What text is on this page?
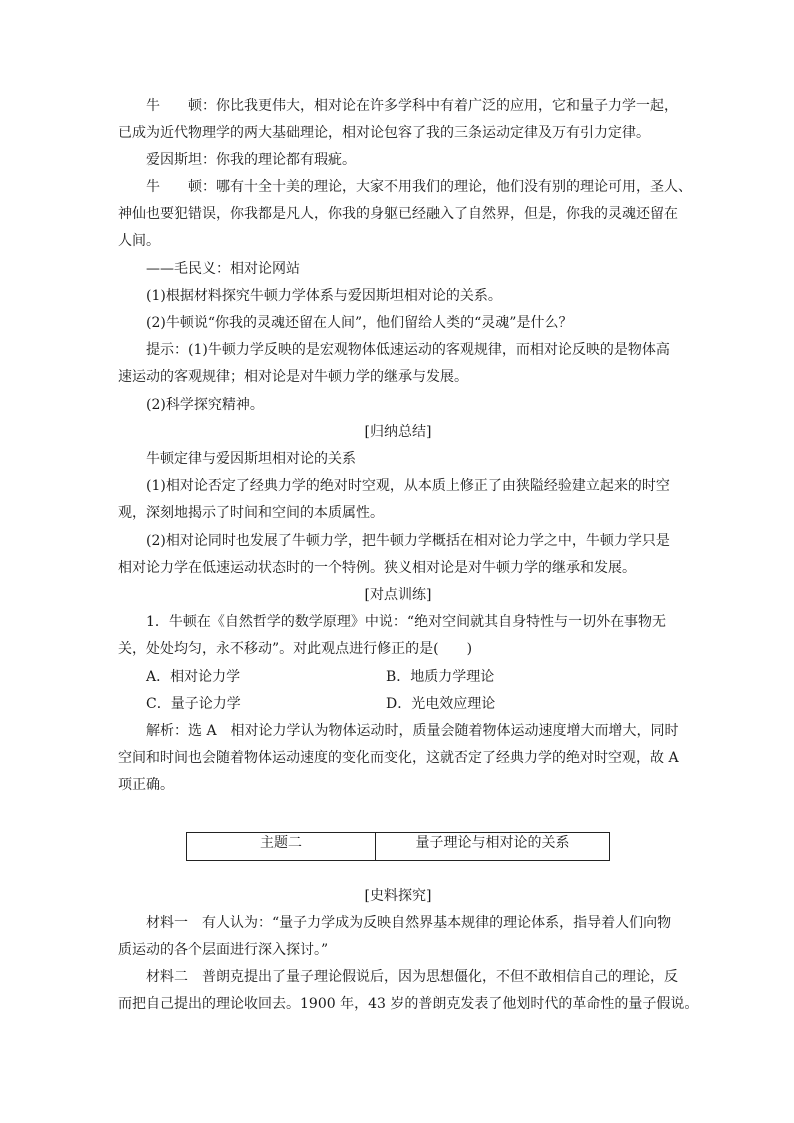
牛　　顿：你比我更伟大，相对论在许多学科中有着广泛的应用，它和量子力学一起，
已成为近代物理学的两大基础理论，相对论包容了我的三条运动定律及万有引力定律。
爱因斯坦：你我的理论都有瑕疵。
牛　　顿：哪有十全十美的理论，大家不用我们的理论，他们没有别的理论可用，圣人、
神仙也要犯错误，你我都是凡人，你我的身躯已经融入了自然界，但是，你我的灵魂还留在
人间。
——毛民义：相对论网站
(1)根据材料探究牛顿力学体系与爱因斯坦相对论的关系。
(2)牛顿说“你我的灵魂还留在人间”，他们留给人类的“灵魂”是什么？
提示：(1)牛顿力学反映的是宏观物体低速运动的客观规律，而相对论反映的是物体高
速运动的客观规律；相对论是对牛顿力学的继承与发展。
(2)科学探究精神。
[归纳总结]
牛顿定律与爱因斯坦相对论的关系
(1)相对论否定了经典力学的绝对时空观，从本质上修正了由狭隘经验建立起来的时空
观，深刻地揭示了时间和空间的本质属性。
(2)相对论同时也发展了牛顿力学，把牛顿力学概括在相对论力学之中，牛顿力学只是
相对论力学在低速运动状态时的一个特例。狭义相对论是对牛顿力学的继承和发展。
[对点训练]
1．牛顿在《自然哲学的数学原理》中说：“绝对空间就其自身特性与一切外在事物无
关，处处均匀，永不移动”。对此观点进行修正的是(　　)
A．相对论力学	B．地质力学理论
C．量子论力学	D．光电效应理论
解析：选 A　相对论力学认为物体运动时，质量会随着物体运动速度增大而增大，同时
空间和时间也会随着物体运动速度的变化而变化，这就否定了经典力学的绝对时空观，故 A
项正确。
主题二	量子理论与相对论的关系
[史料探究]
材料一　有人认为：“量子力学成为反映自然界基本规律的理论体系，指导着人们向物
质运动的各个层面进行深入探讨。”
材料二　普朗克提出了量子理论假说后，因为思想僵化，不但不敢相信自己的理论，反
而把自己提出的理论收回去。1900 年，43 岁的普朗克发表了他划时代的革命性的量子假说。
